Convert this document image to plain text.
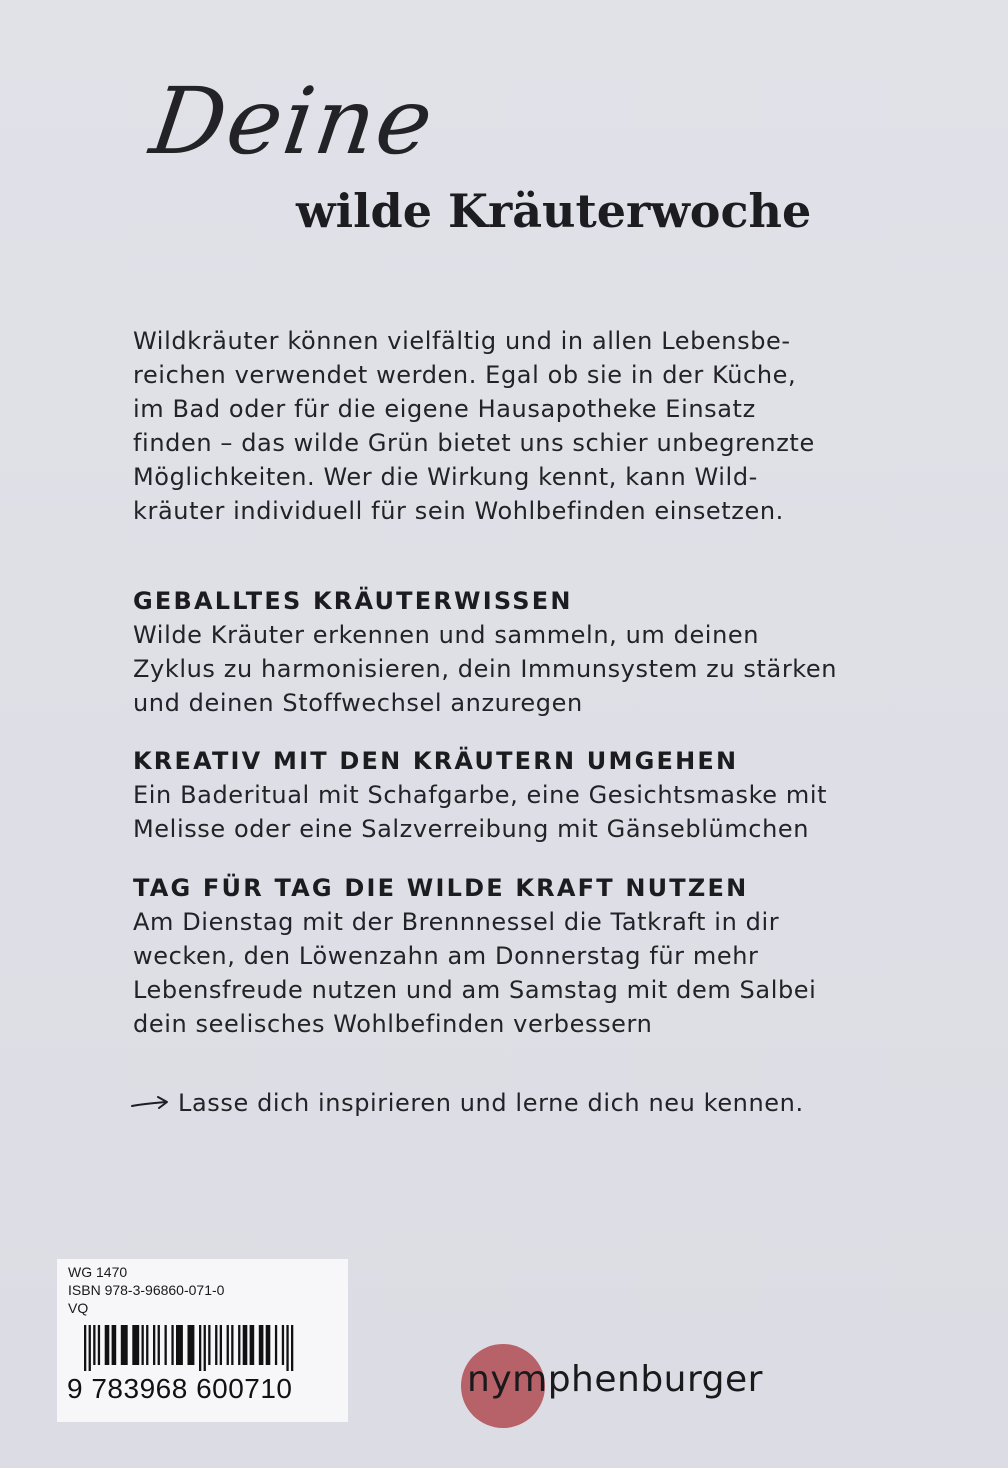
Deine
wilde Kräuterwoche
Wildkräuter können vielfältig und in allen Lebensbe-
reichen verwendet werden. Egal ob sie in der Küche,
im Bad oder für die eigene Hausapotheke Einsatz
finden – das wilde Grün bietet uns schier unbegrenzte
Möglichkeiten. Wer die Wirkung kennt, kann Wild-
kräuter individuell für sein Wohlbefinden einsetzen.
GEBALLTES KRÄUTERWISSEN

Wilde Kräuter erkennen und sammeln, um deinen
Zyklus zu harmonisieren, dein Immunsystem zu stärken
und deinen Stoffwechsel anzuregen

KREATIV MIT DEN KRÄUTERN UMGEHEN

Ein Baderitual mit Schafgarbe, eine Gesichtsmaske mit
Melisse oder eine Salzverreibung mit Gänseblümchen

TAG FÜR TAG DIE WILDE KRAFT NUTZEN

Am Dienstag mit der Brennnessel die Tatkraft in dir
wecken, den Löwenzahn am Donnerstag für mehr
Lebensfreude nutzen und am Samstag mit dem Salbei
dein seelisches Wohlbefinden verbessern

Lasse dich inspirieren und lerne dich neu kennen.
WG 1470
ISBN 978-3-96860-071-0
VQ
9 783968 600710	nymphenburger
